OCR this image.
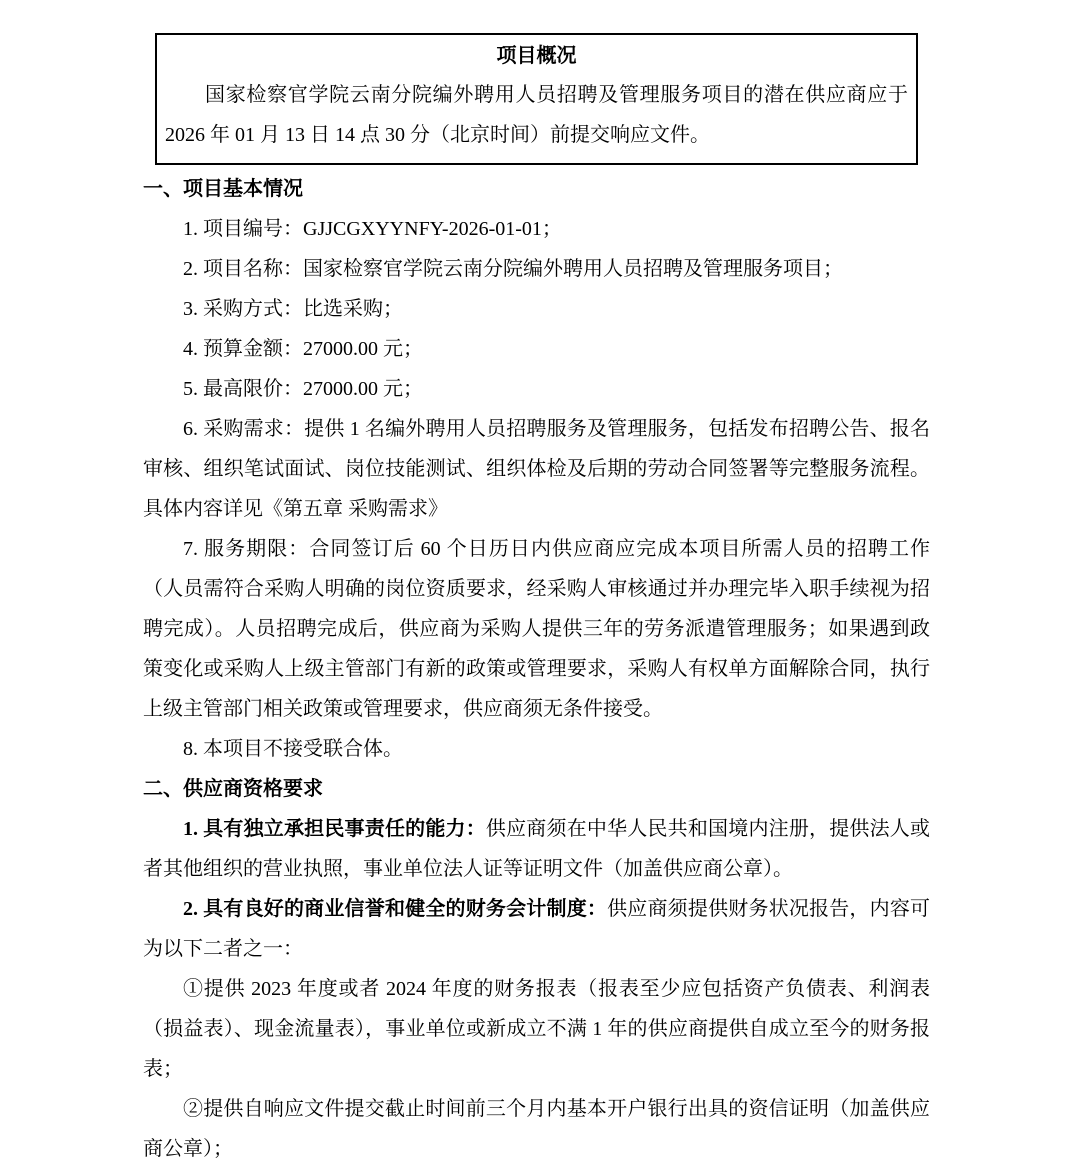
项目概况

国家检察官学院云南分院编外聘用人员招聘及管理服务项目的潜在供应商应于 2026 年 01 月 13 日 14 点 30 分（北京时间）前提交响应文件。

一、项目基本情况

1. 项目编号：GJJCGXYYNFY-2026-01-01；

2. 项目名称：国家检察官学院云南分院编外聘用人员招聘及管理服务项目；

3. 采购方式：比选采购；

4. 预算金额：27000.00 元；

5. 最高限价：27000.00 元；

6. 采购需求：提供 1 名编外聘用人员招聘服务及管理服务，包括发布招聘公告、报名审核、组织笔试面试、岗位技能测试、组织体检及后期的劳动合同签署等完整服务流程。具体内容详见《第五章 采购需求》

7. 服务期限：合同签订后 60 个日历日内供应商应完成本项目所需人员的招聘工作（人员需符合采购人明确的岗位资质要求，经采购人审核通过并办理完毕入职手续视为招聘完成）。人员招聘完成后，供应商为采购人提供三年的劳务派遣管理服务；如果遇到政策变化或采购人上级主管部门有新的政策或管理要求，采购人有权单方面解除合同，执行上级主管部门相关政策或管理要求，供应商须无条件接受。

8. 本项目不接受联合体。

二、供应商资格要求

1. 具有独立承担民事责任的能力：供应商须在中华人民共和国境内注册，提供法人或者其他组织的营业执照，事业单位法人证等证明文件（加盖供应商公章）。

2. 具有良好的商业信誉和健全的财务会计制度：供应商须提供财务状况报告，内容可为以下二者之一：

①提供 2023 年度或者 2024 年度的财务报表（报表至少应包括资产负债表、利润表（损益表）、现金流量表），事业单位或新成立不满 1 年的供应商提供自成立至今的财务报表；

②提供自响应文件提交截止时间前三个月内基本开户银行出具的资信证明（加盖供应商公章）；
